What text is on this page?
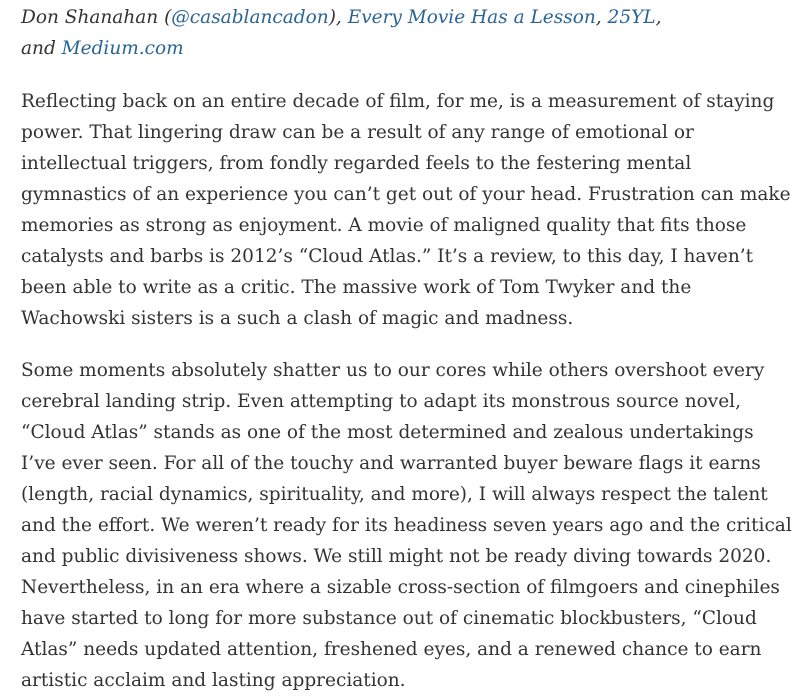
Don Shanahan (@casablancadon), Every Movie Has a Lesson, 25YL,
and Medium.com

Reflecting back on an entire decade of film, for me, is a measurement of staying
power. That lingering draw can be a result of any range of emotional or
intellectual triggers, from fondly regarded feels to the festering mental
gymnastics of an experience you can’t get out of your head. Frustration can make
memories as strong as enjoyment. A movie of maligned quality that fits those
catalysts and barbs is 2012’s “Cloud Atlas.” It’s a review, to this day, I haven’t
been able to write as a critic. The massive work of Tom Twyker and the
Wachowski sisters is a such a clash of magic and madness.

Some moments absolutely shatter us to our cores while others overshoot every
cerebral landing strip. Even attempting to adapt its monstrous source novel,
“Cloud Atlas” stands as one of the most determined and zealous undertakings
I’ve ever seen. For all of the touchy and warranted buyer beware flags it earns
(length, racial dynamics, spirituality, and more), I will always respect the talent
and the effort. We weren’t ready for its headiness seven years ago and the critical
and public divisiveness shows. We still might not be ready diving towards 2020.
Nevertheless, in an era where a sizable cross-section of filmgoers and cinephiles
have started to long for more substance out of cinematic blockbusters, “Cloud
Atlas” needs updated attention, freshened eyes, and a renewed chance to earn
artistic acclaim and lasting appreciation.
